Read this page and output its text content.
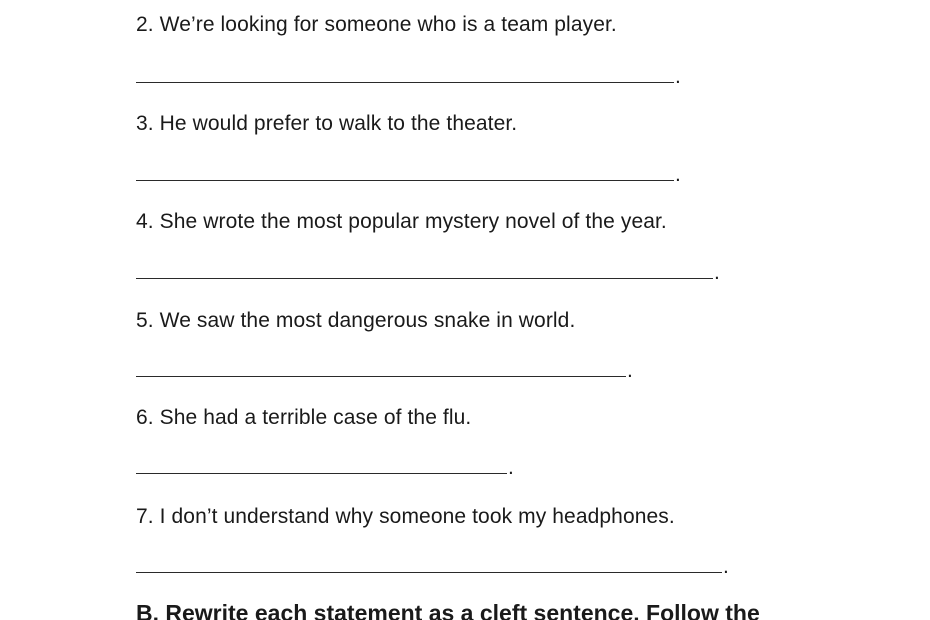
2. We’re looking for someone who is a team player.
.
3. He would prefer to walk to the theater.
.
4. She wrote the most popular mystery novel of the year.
.
5. We saw the most dangerous snake in world.
.
6. She had a terrible case of the flu.
.
7. I don’t understand why someone took my headphones.
.
B. Rewrite each statement as a cleft sentence. Follow the
